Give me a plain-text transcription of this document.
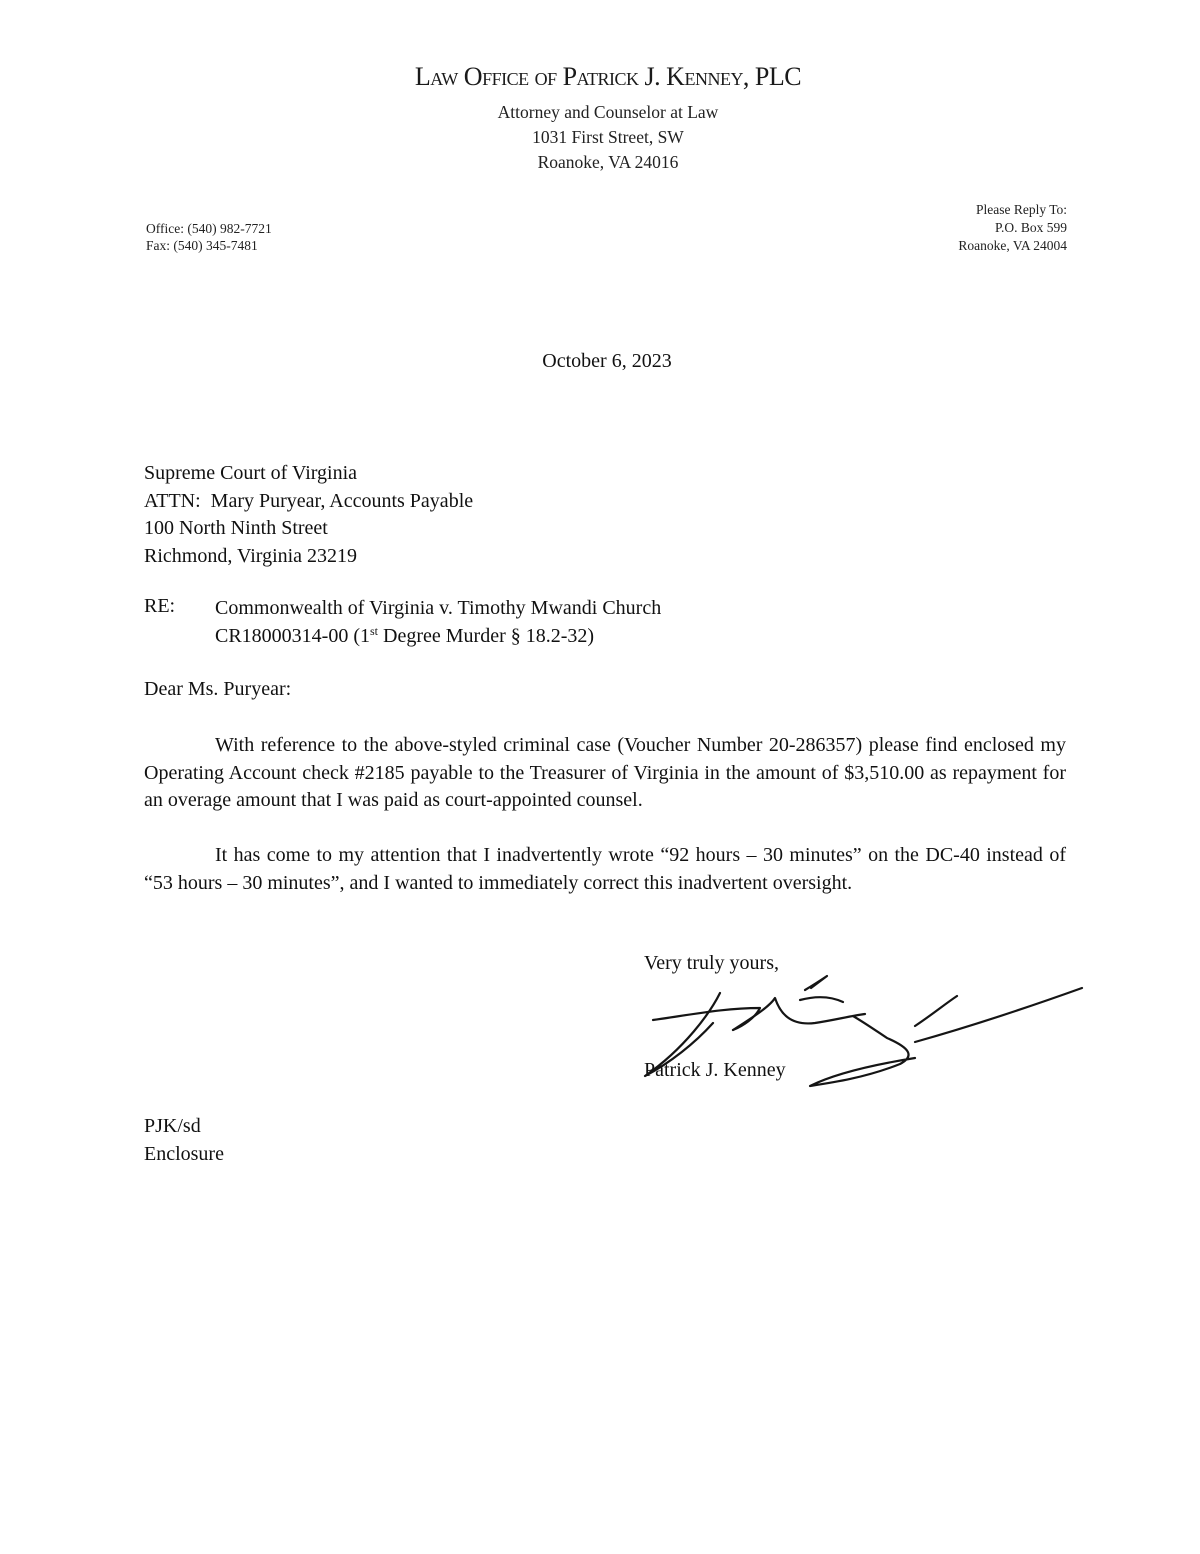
Law Office of Patrick J. Kenney, PLC
Attorney and Counselor at Law
1031 First Street, SW
Roanoke, VA 24016
Office: (540) 982-7721
Fax: (540) 345-7481
Please Reply To:
P.O. Box 599
Roanoke, VA 24004
October 6, 2023
Supreme Court of Virginia
ATTN:  Mary Puryear, Accounts Payable
100 North Ninth Street
Richmond, Virginia 23219
RE: Commonwealth of Virginia v. Timothy Mwandi Church
CR18000314-00 (1st Degree Murder § 18.2-32)
Dear Ms. Puryear:
With reference to the above-styled criminal case (Voucher Number 20-286357) please find enclosed my Operating Account check #2185 payable to the Treasurer of Virginia in the amount of $3,510.00 as repayment for an overage amount that I was paid as court-appointed counsel.
It has come to my attention that I inadvertently wrote “92 hours – 30 minutes” on the DC-40 instead of “53 hours – 30 minutes”, and I wanted to immediately correct this inadvertent oversight.
Very truly yours,
Patrick J. Kenney
PJK/sd
Enclosure
